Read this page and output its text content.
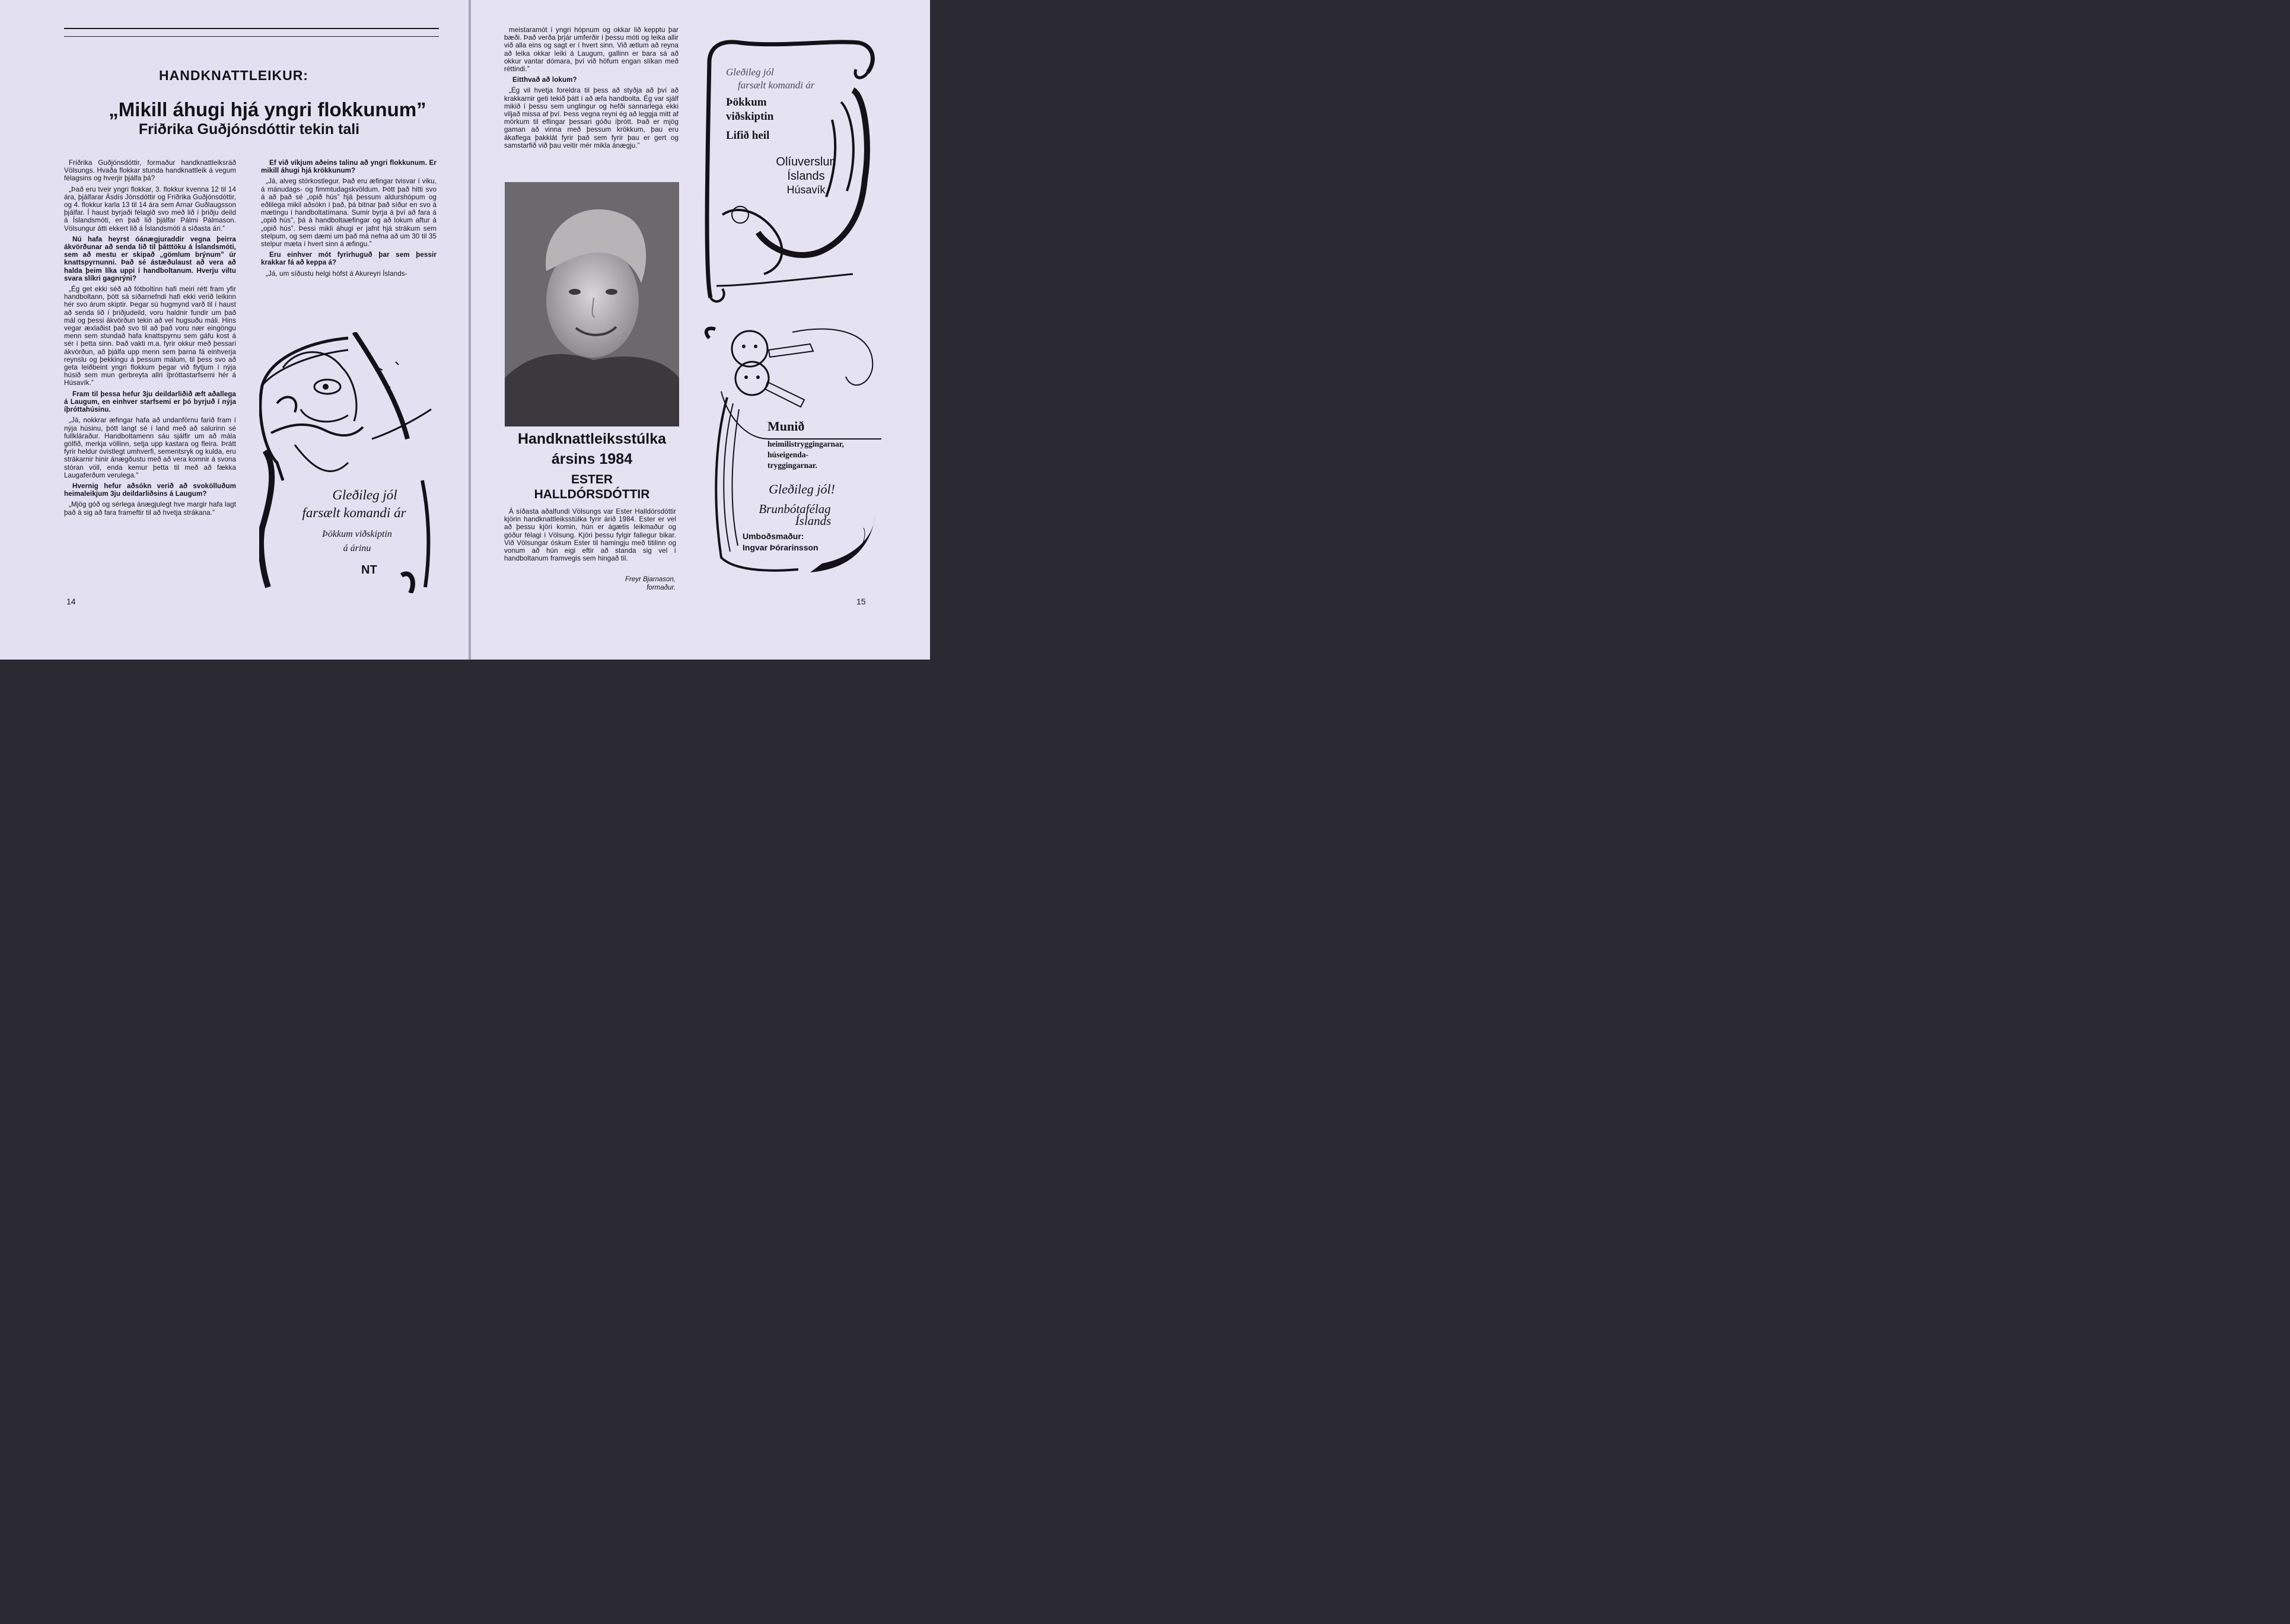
HANDKNATTLEIKUR:
„Mikill áhugi hjá yngri flokkunum”
Friðrika Guðjónsdóttir tekin tali

Friðrika Guðjónsdóttir, formaður handknattleiksráð Völsungs. Hvaða flokkar stunda handknattleik á vegum félagsins og hverjir þjálfa þá?

„Það eru tveir yngri flokkar, 3. flokkur kvenna 12 til 14 ára, þjálfarar Ásdís Jónsdóttir og Friðrika Guðjónsdóttir, og 4. flokkur karla 13 til 14 ára sem Arnar Guðlaugsson þjálfar. Í haust byrjaði félagið svo með lið í þriðju deild á Íslandsmóti, en það lið þjálfar Pálmi Pálmason. Völsungur átti ekkert lið á Íslandsmóti á síðasta ári.”

Nú hafa heyrst óánægjuraddir vegna þeirra ákvörðunar að senda lið til þátttöku á Íslandsmóti, sem að mestu er skipað „gömlum brýnum” úr knattspyrnunni. Það sé ástæðulaust að vera að halda þeim líka uppi í handboltanum. Hverju viltu svara slíkri gagnrýni?

„Ég get ekki séð að fótboltinn hafi meiri rétt fram yfir handboltann, þótt sá síðarnefndi hafi ekki verið leikinn hér svo árum skiptir. Þegar sú hugmynd varð til í haust að senda lið í þriðjudeild, voru haldnir fundir um það mál og þessi ákvörðun tekin að vel hugsuðu máli. Hins vegar æxlaðist það svo til að það voru nær eingöngu menn sem stundað hafa knattspyrnu sem gáfu kost á sér í þetta sinn. Það vakti m.a. fyrir okkur með þessari ákvörðun, að þjálfa upp menn sem þarna fá einhverja reynslu og þekkingu á þessum málum, til þess svo að geta leiðbeint yngri flokkum þegar við flytjum í nýja húsið sem mun gerbreyta allri íþróttastarfsemi hér á Húsavík.”

Fram til þessa hefur 3ju deildarliðið æft aðallega á Laugum, en einhver starfsemi er þó byrjuð í nýja íþróttahúsinu.

„Já, nokkrar æfingar hafa að undanförnu farið fram í nýja húsinu, þótt langt sé í land með að salurinn sé fullkláraður. Handboltamenn sáu sjálfir um að mála gólfið, merkja völlinn, setja upp kastara og fleira. Þrátt fyrir heldur óvistlegt umhverfi, sementsryk og kulda, eru strákarnir hinir ánægðustu með að vera komnir á svona stóran völl, enda kemur þetta til með að fækka Laugaferðum verulega.”

Hvernig hefur aðsókn verið að svokölluðum heimaleikjum 3ju deildarliðsins á Laugum?

„Mjög góð og sérlega ánægjulegt hve margir hafa lagt það á sig að fara frameftir til að hvetja strákana.”

Ef við víkjum aðeins talinu að yngri flokkunum. Er mikill áhugi hjá krökkunum?

„Já, alveg stórkostlegur. Það eru æfingar tvisvar í viku, á mánudags- og fimmtudagskvöldum. Þótt það hitti svo á að það sé „opið hús” hjá þessum aldurshópum og eðlilega mikil aðsókn í það, þá bitnar það síður en svo á mætingu í handboltatímana. Sumir byrja á því að fara á „opið hús”, þá á handboltaæfingar og að lokum aftur á „opið hús”. Þessi mikli áhugi er jafnt hjá strákum sem stelpum, og sem dæmi um það má nefna að um 30 til 35 stelpur mæta í hvert sinn á æfingu.”

Eru einhver mót fyrirhuguð þar sem þessir krakkar fá að keppa á?

„Já, um síðustu helgi hófst á Akureyri Íslands-

Gleðileg jól
farsælt komandi ár
Þökkum viðskiptin
á árinu
NT
14

meistaramót í yngri hópnum og okkar lið kepptu þar bæði. Það verða þrjár umferðir í þessu móti og leika allir við alla eins og sagt er í hvert sinn. Við ætlum að reyna að leika okkar leiki á Laugum, gallinn er bara sá að okkur vantar dómara, því við höfum engan slíkan með réttindi.”

Eitthvað að lokum?

„Ég vil hvetja foreldra til þess að styðja að því að krakkarnir geti tekið þátt í að æfa handbolta. Ég var sjálf mikið í þessu sem unglingur og hefði sannarlega ekki viljað missa af því. Þess vegna reyni ég að leggja mitt af mörkum til eflingar þessari góðu íþrótt. Það er mjög gaman að vinna með þessum krökkum, þau eru ákaflega þakklát fyrir það sem fyrir þau er gert og samstarfið við þau veitir mér mikla ánægju.”

Gleðileg jól
farsælt komandi ár
Þökkum
viðskiptin
Lifið heil
Olíuverslun
Íslands
Húsavík
Handknattleiksstúlka
ársins 1984
ESTER
HALLDÓRSDÓTTIR

Á síðasta aðalfundi Völsungs var Ester Halldórsdóttir kjörin handknattleiksstúlka fyrir árið 1984. Ester er vel að þessu kjöri komin, hún er ágætis leikmaður og góður félagi í Völsung. Kjöri þessu fylgir fallegur bikar. Við Völsungar óskum Ester til hamingju með titilinn og vonum að hún eigi eftir að standa sig vel í handboltanum framvegis sem hingað til.

Freyr Bjarnason,
formaður.
Munið
heimilistryggingarnar,
húseigenda-
tryggingarnar.
Gleðileg jól!
Brunbótafélag
Íslands
Umboðsmaður:
Ingvar Þórarinsson
15
